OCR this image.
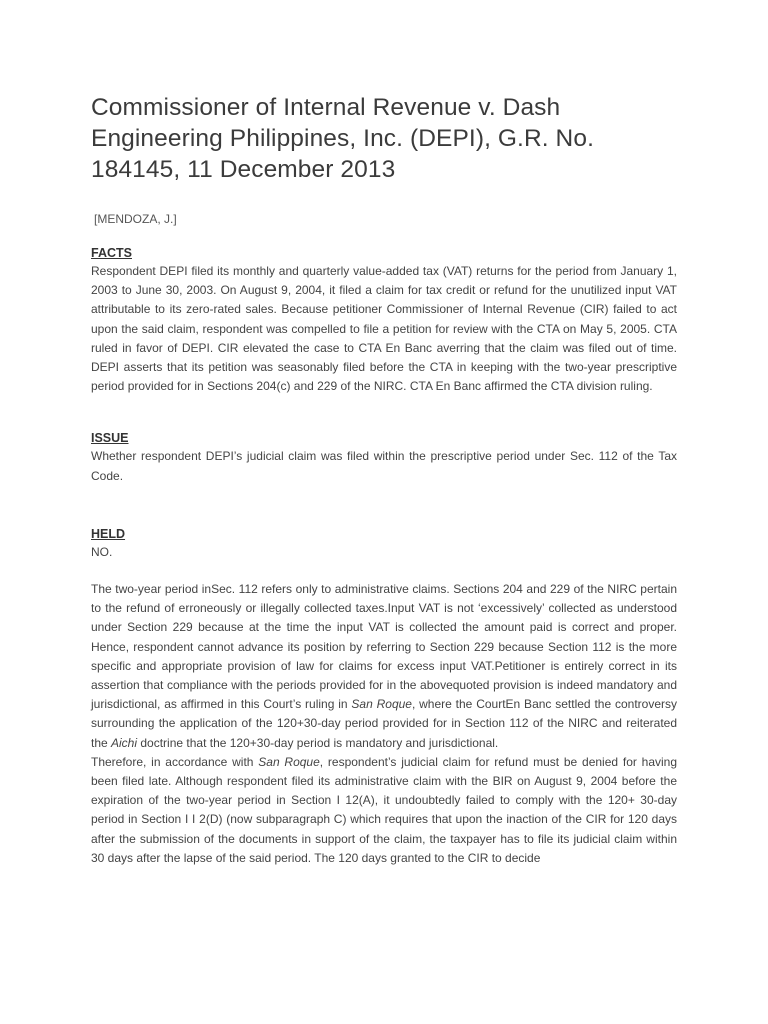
Commissioner of Internal Revenue v. Dash Engineering Philippines, Inc. (DEPI), G.R. No. 184145, 11 December 2013
[MENDOZA, J.]
FACTS

Respondent DEPI filed its monthly and quarterly value-added tax (VAT) returns for the period from January 1, 2003 to June 30, 2003. On August 9, 2004, it filed a claim for tax credit or refund for the unutilized input VAT attributable to its zero-rated sales. Because petitioner Commissioner of Internal Revenue (CIR) failed to act upon the said claim, respondent was compelled to file a petition for review with the CTA on May 5, 2005. CTA ruled in favor of DEPI. CIR elevated the case to CTA En Banc averring that the claim was filed out of time. DEPI asserts that its petition was seasonably filed before the CTA in keeping with the two-year prescriptive period provided for in Sections 204(c) and 229 of the NIRC. CTA En Banc affirmed the CTA division ruling.

ISSUE

Whether respondent DEPI’s judicial claim was filed within the prescriptive period under Sec. 112 of the Tax Code.

HELD

NO.

The two-year period inSec. 112 refers only to administrative claims. Sections 204 and 229 of the NIRC pertain to the refund of erroneously or illegally collected taxes.Input VAT is not ‘excessively’ collected as understood under Section 229 because at the time the input VAT is collected the amount paid is correct and proper. Hence, respondent cannot advance its position by referring to Section 229 because Section 112 is the more specific and appropriate provision of law for claims for excess input VAT.Petitioner is entirely correct in its assertion that compliance with the periods provided for in the abovequoted provision is indeed mandatory and jurisdictional, as affirmed in this Court’s ruling in San Roque, where the CourtEn Banc settled the controversy surrounding the application of the 120+30-day period provided for in Section 112 of the NIRC and reiterated the Aichi doctrine that the 120+30-day period is mandatory and jurisdictional.

Therefore, in accordance with San Roque, respondent’s judicial claim for refund must be denied for having been filed late. Although respondent filed its administrative claim with the BIR on August 9, 2004 before the expiration of the two-year period in Section I 12(A), it undoubtedly failed to comply with the 120+ 30-day period in Section I I 2(D) (now subparagraph C) which requires that upon the inaction of the CIR for 120 days after the submission of the documents in support of the claim, the taxpayer has to file its judicial claim within 30 days after the lapse of the said period. The 120 days granted to the CIR to decide
